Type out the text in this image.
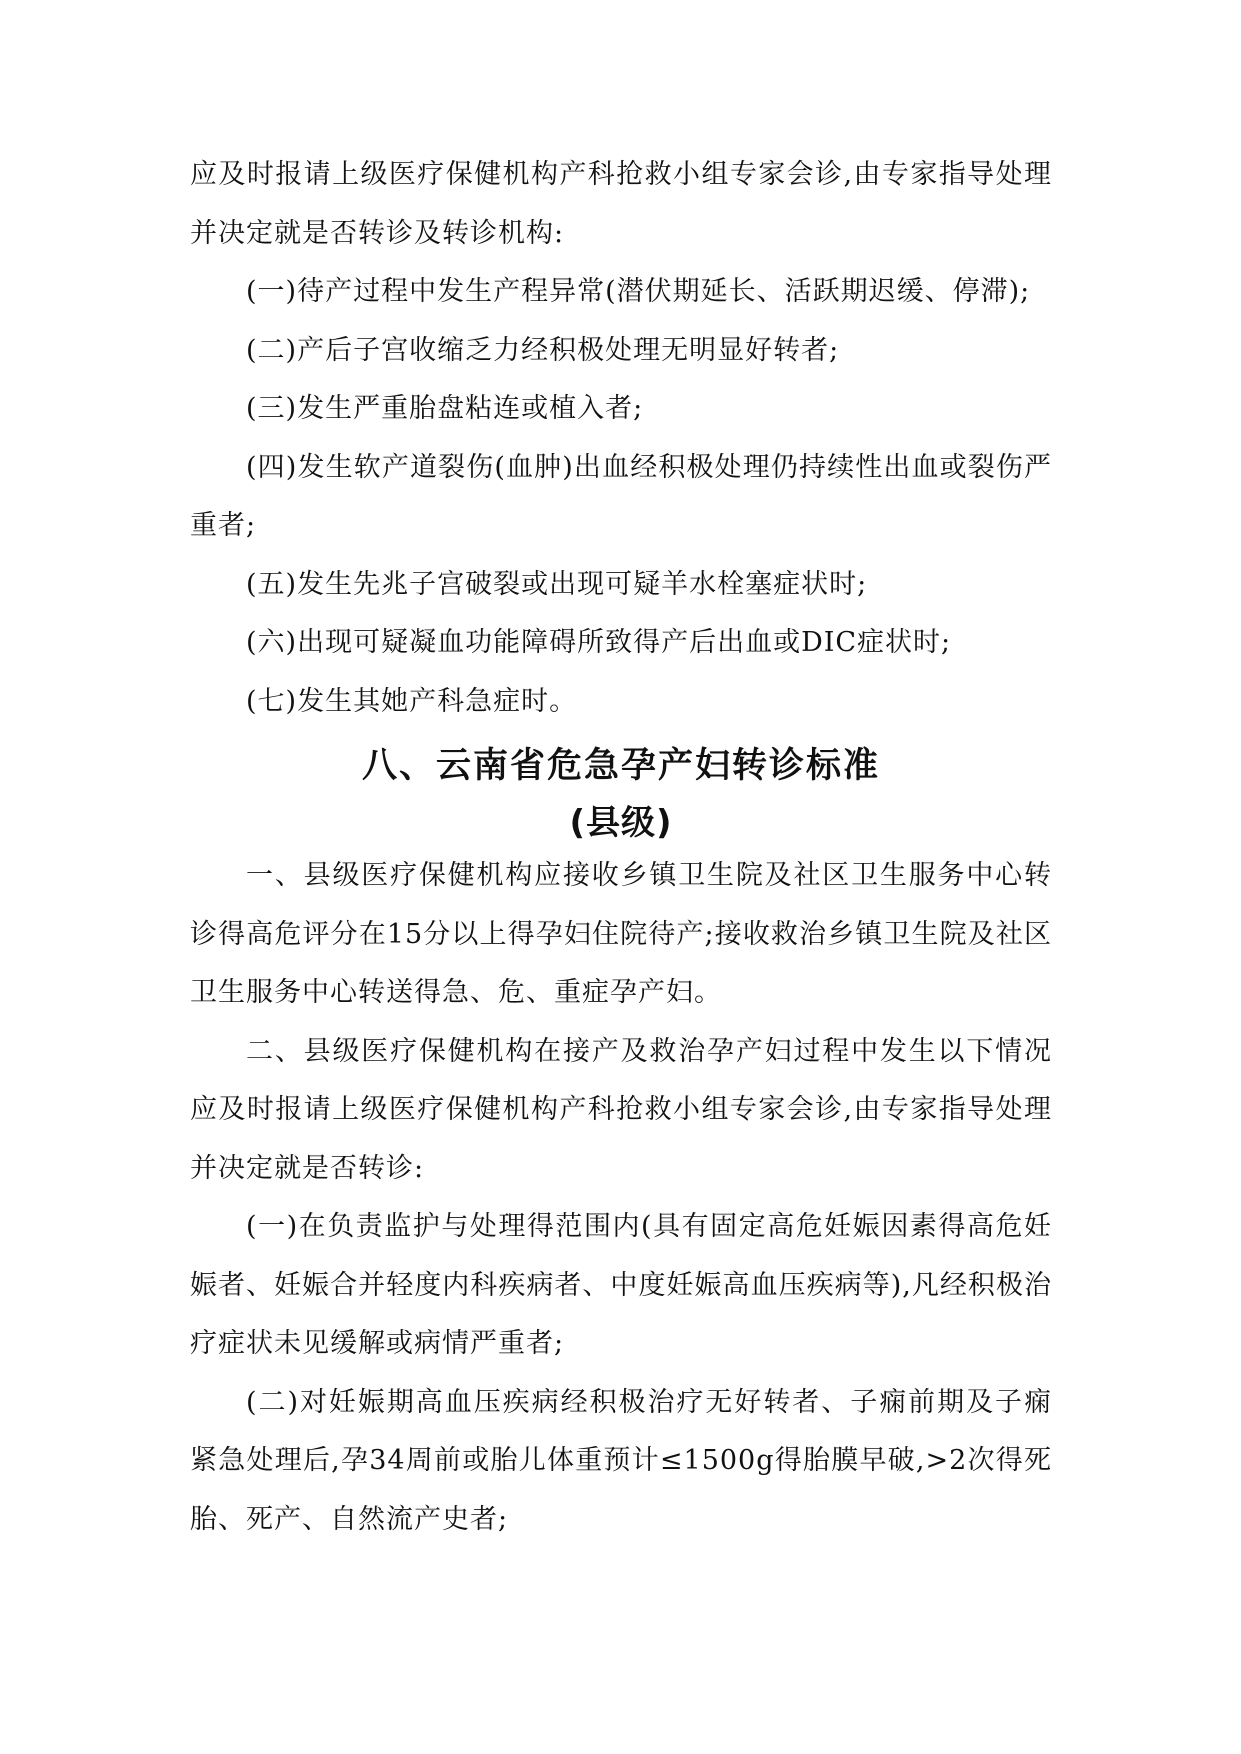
应及时报请上级医疗保健机构产科抢救小组专家会诊,由专家指导处理并决定就是否转诊及转诊机构:

(一)待产过程中发生产程异常(潜伏期延长、活跃期迟缓、停滞);

(二)产后子宫收缩乏力经积极处理无明显好转者;

(三)发生严重胎盘粘连或植入者;

(四)发生软产道裂伤(血肿)出血经积极处理仍持续性出血或裂伤严重者;

(五)发生先兆子宫破裂或出现可疑羊水栓塞症状时;

(六)出现可疑凝血功能障碍所致得产后出血或DIC症状时;

(七)发生其她产科急症时。

八、云南省危急孕产妇转诊标准
(县级)

一、县级医疗保健机构应接收乡镇卫生院及社区卫生服务中心转诊得高危评分在15分以上得孕妇住院待产;接收救治乡镇卫生院及社区卫生服务中心转送得急、危、重症孕产妇。

二、县级医疗保健机构在接产及救治孕产妇过程中发生以下情况应及时报请上级医疗保健机构产科抢救小组专家会诊,由专家指导处理并决定就是否转诊:

(一)在负责监护与处理得范围内(具有固定高危妊娠因素得高危妊娠者、妊娠合并轻度内科疾病者、中度妊娠高血压疾病等),凡经积极治疗症状未见缓解或病情严重者;

(二)对妊娠期高血压疾病经积极治疗无好转者、子痫前期及子痫紧急处理后,孕34周前或胎儿体重预计≤1500g得胎膜早破,>2次得死胎、死产、自然流产史者;
